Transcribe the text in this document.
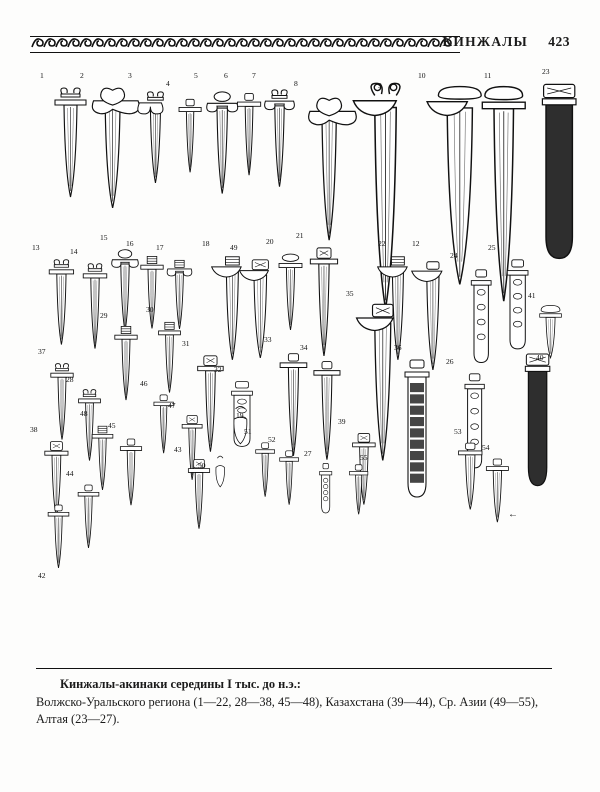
КИНЖАЛЫ 423
1	2	3
4
5	6	7
8	9
10	11	23
13	14
15
16	17	18	49
20
21
22	12
24
25
41
29
30
35
33
34	36
26	40
37
28
31
32
46
47
39
53
54
38	45
48
44
43
50
19
51
52
27	55
42
←
Кинжалы-акинаки середины I тыс. до н.э.:
Волжско-Уральского региона (1—22, 28—38, 45—48), Казахстана (39—44), Ср. Азии (49—55), Алтая (23—27).
